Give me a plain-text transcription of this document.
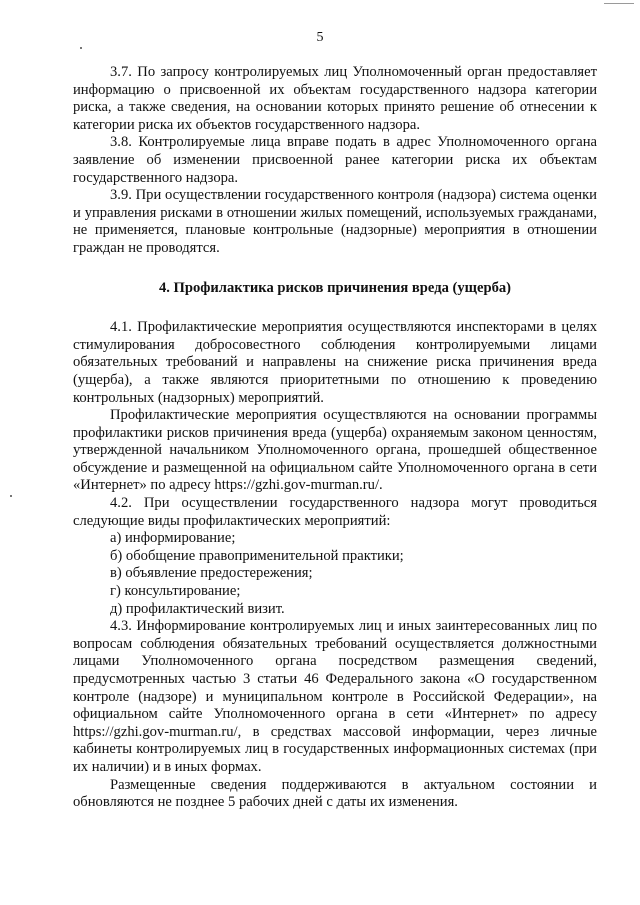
5

3.7. По запросу контролируемых лиц Уполномоченный орган предоставляет информацию о присвоенной их объектам государственного надзора категории риска, а также сведения, на основании которых принято решение об отнесении к категории риска их объектов государственного надзора.

3.8. Контролируемые лица вправе подать в адрес Уполномоченного органа заявление об изменении присвоенной ранее категории риска их объектам государственного надзора.

3.9. При осуществлении государственного контроля (надзора) система оценки и управления рисками в отношении жилых помещений, используемых гражданами, не применяется, плановые контрольные (надзорные) мероприятия в отношении граждан не проводятся.

4. Профилактика рисков причинения вреда (ущерба)

4.1. Профилактические мероприятия осуществляются инспекторами в целях стимулирования добросовестного соблюдения контролируемыми лицами обязательных требований и направлены на снижение риска причинения вреда (ущерба), а также являются приоритетными по отношению к проведению контрольных (надзорных) мероприятий.

Профилактические мероприятия осуществляются на основании программы профилактики рисков причинения вреда (ущерба) охраняемым законом ценностям, утвержденной начальником Уполномоченного органа, прошедшей общественное обсуждение и размещенной на официальном сайте Уполномоченного органа в сети «Интернет» по адресу https://gzhi.gov-murman.ru/.

4.2. При осуществлении государственного надзора могут проводиться следующие виды профилактических мероприятий:

а) информирование;

б) обобщение правоприменительной практики;

в) объявление предостережения;

г) консультирование;

д) профилактический визит.

4.3. Информирование контролируемых лиц и иных заинтересованных лиц по вопросам соблюдения обязательных требований осуществляется должностными лицами Уполномоченного органа посредством размещения сведений, предусмотренных частью 3 статьи 46 Федерального закона «О государственном контроле (надзоре) и муниципальном контроле в Российской Федерации», на официальном сайте Уполномоченного органа в сети «Интернет» по адресу https://gzhi.gov-murman.ru/, в средствах массовой информации, через личные кабинеты контролируемых лиц в государственных информационных системах (при их наличии) и в иных формах.

Размещенные сведения поддерживаются в актуальном состоянии и обновляются не позднее 5 рабочих дней с даты их изменения.
